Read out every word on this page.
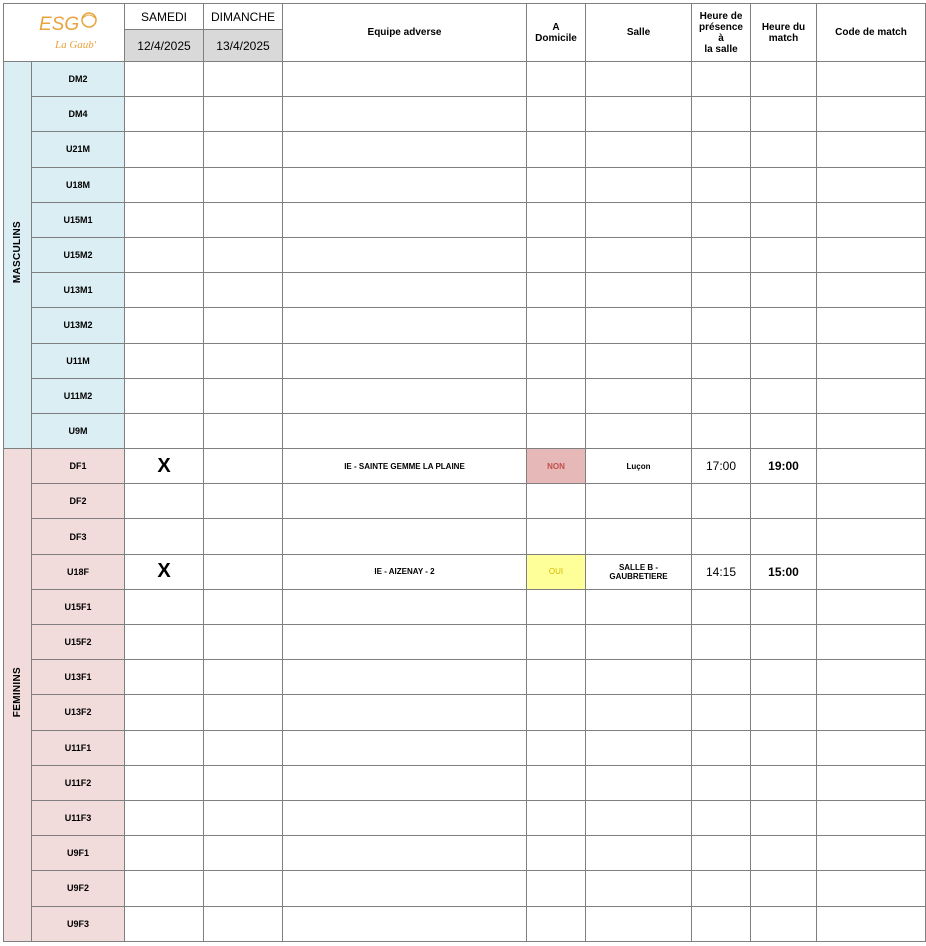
ESG
La Gaub'		SAMEDI	DIMANCHE	Equipe adverse	A
Domicile	Salle	Heure de
présence
à
la salle	Heure du
match	Code de match
		12/4/2025	13/4/2025						
MASCULINS	DM2								
	DM4								
	U21M								
	U18M								
	U15M1								
	U15M2								
	U13M1								
	U13M2								
	U11M								
	U11M2								
	U9M								
FEMININS	DF1	X		IE - SAINTE GEMME LA PLAINE	NON	Luçon	17:00	19:00	
	DF2								
	DF3								
	U18F	X		IE - AIZENAY - 2	OUI	SALLE B -
GAUBRETIERE	14:15	15:00	
	U15F1								
	U15F2								
	U13F1								
	U13F2								
	U11F1								
	U11F2								
	U11F3								
	U9F1								
	U9F2								
	U9F3								
